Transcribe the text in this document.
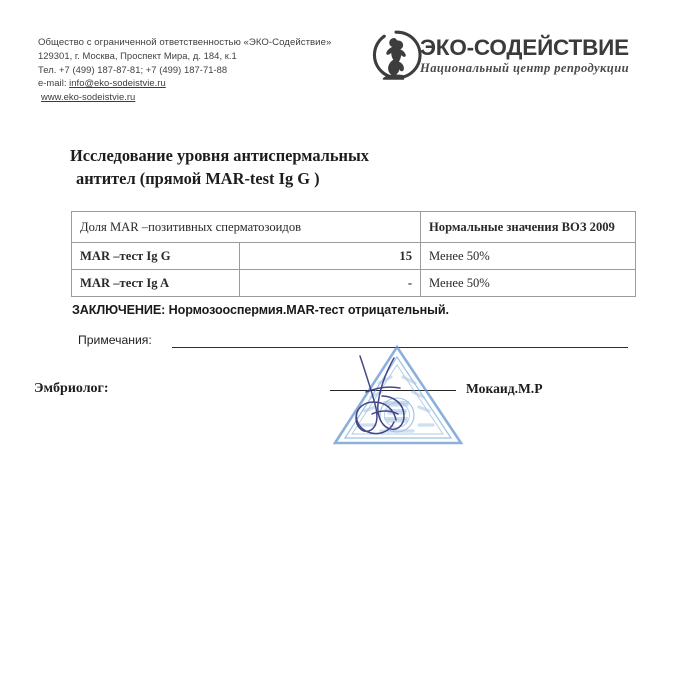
Общество с ограниченной ответственностью «ЭКО-Содействие»
129301, г. Москва, Проспект Мира, д. 184, к.1
Тел. +7 (499) 187-87-81; +7 (499) 187-71-88
e-mail: info@eko-sodeistvie.ru
www.eko-sodeistvie.ru
ЭКО-СОДЕЙСТВИЕ
Национальный центр репродукции
Исследование уровня антиспермальных
антител (прямой MAR-test Ig G )
Доля MAR –позитивных сперматозоидов		Нормальные значения ВОЗ 2009
MAR –тест Ig G	15	Менее 50%
MAR –тест Ig A	-	Менее 50%
ЗАКЛЮЧЕНИЕ: Нормозооспермия.MAR-тест отрицательный.
Примечания:
Эмбриолог:	Мокаид.М.Р
